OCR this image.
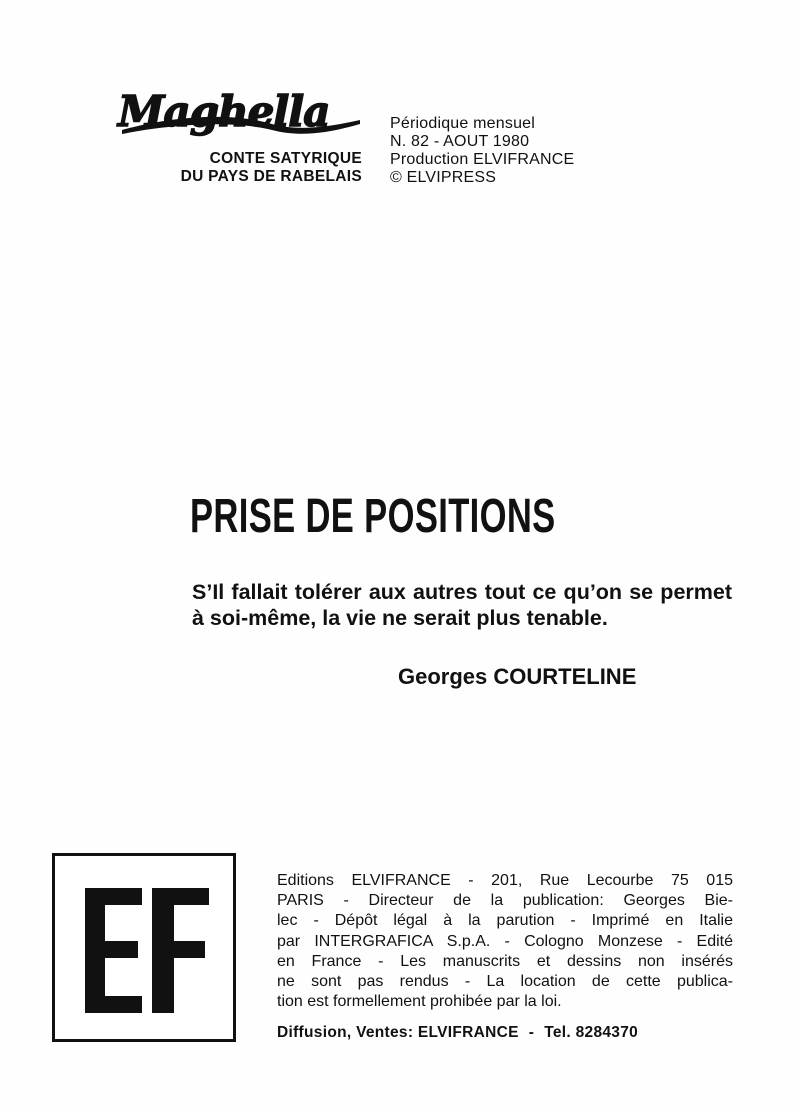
Maghella
CONTE SATYRIQUE
DU PAYS DE RABELAIS
Périodique mensuel
N. 82 - AOUT 1980
Production ELVIFRANCE
© ELVIPRESS
PRISE DE POSITIONS
S’Il fallait tolérer aux autres tout ce qu’on se permet à soi-même, la vie ne serait plus tenable.
Georges COURTELINE
Editions ELVIFRANCE - 201, Rue Lecourbe 75 015
PARIS - Directeur de la publication: Georges Bie-
lec - Dépôt légal à la parution - Imprimé en Italie
par INTERGRAFICA S.p.A. - Cologno Monzese - Edité
en France - Les manuscrits et dessins non insérés
ne sont pas rendus - La location de cette publica-
tion est formellement prohibée par la loi.
Diffusion, Ventes: ELVIFRANCE - Tel. 8284370
